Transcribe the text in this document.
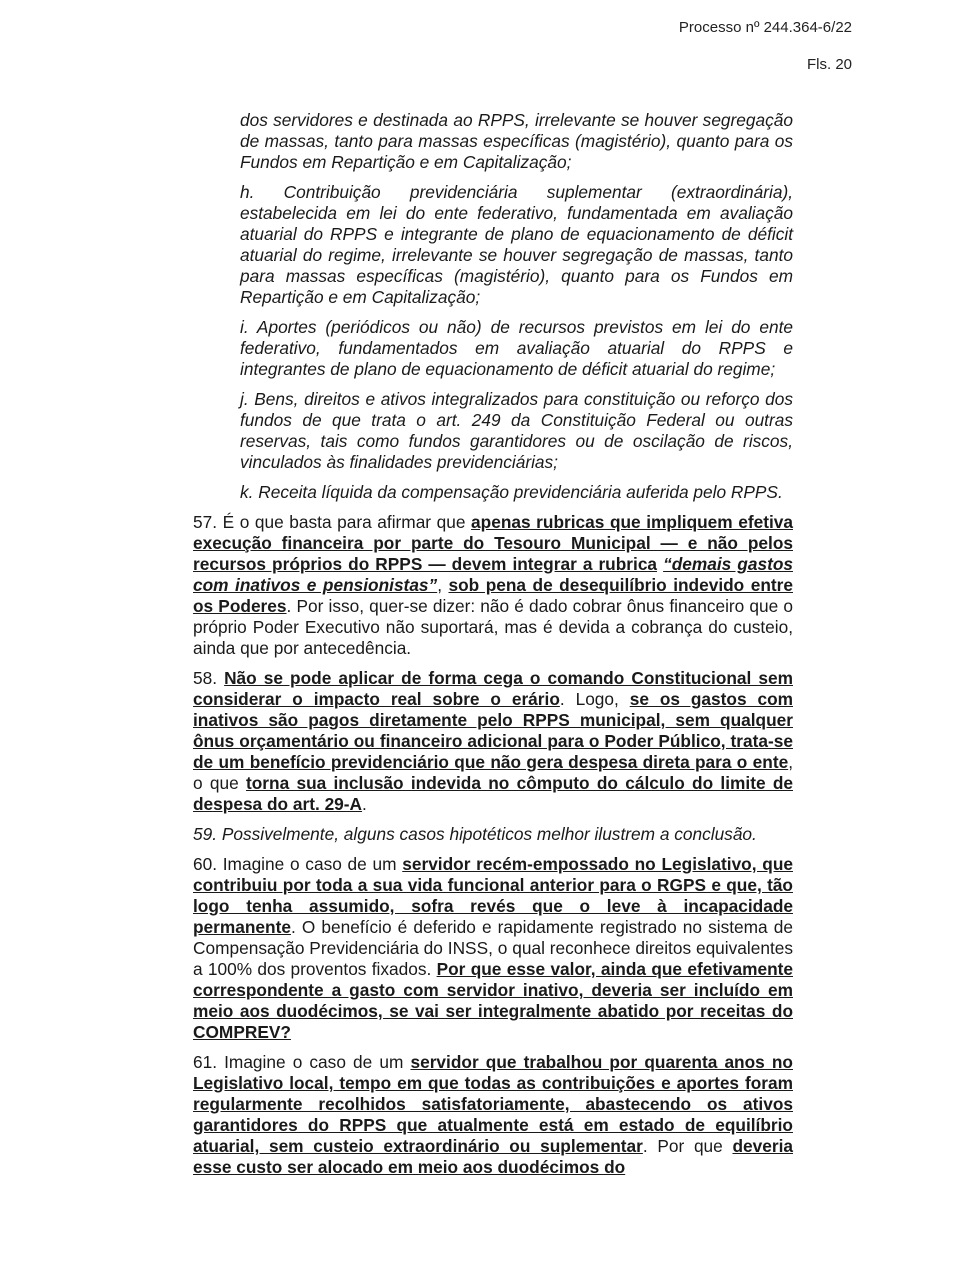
Processo nº 244.364-6/22
Fls. 20

dos servidores e destinada ao RPPS, irrelevante se houver segregação de massas, tanto para massas específicas (magistério), quanto para os Fundos em Repartição e em Capitalização;

h. Contribuição previdenciária suplementar (extraordinária), estabelecida em lei do ente federativo, fundamentada em avaliação atuarial do RPPS e integrante de plano de equacionamento de déficit atuarial do regime, irrelevante se houver segregação de massas, tanto para massas específicas (magistério), quanto para os Fundos em Repartição e em Capitalização;

i. Aportes (periódicos ou não) de recursos previstos em lei do ente federativo, fundamentados em avaliação atuarial do RPPS e integrantes de plano de equacionamento de déficit atuarial do regime;

j. Bens, direitos e ativos integralizados para constituição ou reforço dos fundos de que trata o art. 249 da Constituição Federal ou outras reservas, tais como fundos garantidores ou de oscilação de riscos, vinculados às finalidades previdenciárias;

k. Receita líquida da compensação previdenciária auferida pelo RPPS.

57. É o que basta para afirmar que apenas rubricas que impliquem efetiva execução financeira por parte do Tesouro Municipal — e não pelos recursos próprios do RPPS — devem integrar a rubrica “demais gastos com inativos e pensionistas”, sob pena de desequilíbrio indevido entre os Poderes. Por isso, quer-se dizer: não é dado cobrar ônus financeiro que o próprio Poder Executivo não suportará, mas é devida a cobrança do custeio, ainda que por antecedência.

58. Não se pode aplicar de forma cega o comando Constitucional sem considerar o impacto real sobre o erário. Logo, se os gastos com inativos são pagos diretamente pelo RPPS municipal, sem qualquer ônus orçamentário ou financeiro adicional para o Poder Público, trata-se de um benefício previdenciário que não gera despesa direta para o ente, o que torna sua inclusão indevida no cômputo do cálculo do limite de despesa do art. 29-A.

59. Possivelmente, alguns casos hipotéticos melhor ilustrem a conclusão.

60. Imagine o caso de um servidor recém-empossado no Legislativo, que contribuiu por toda a sua vida funcional anterior para o RGPS e que, tão logo tenha assumido, sofra revés que o leve à incapacidade permanente. O benefício é deferido e rapidamente registrado no sistema de Compensação Previdenciária do INSS, o qual reconhece direitos equivalentes a 100% dos proventos fixados. Por que esse valor, ainda que efetivamente correspondente a gasto com servidor inativo, deveria ser incluído em meio aos duodécimos, se vai ser integralmente abatido por receitas do COMPREV?

61. Imagine o caso de um servidor que trabalhou por quarenta anos no Legislativo local, tempo em que todas as contribuições e aportes foram regularmente recolhidos satisfatoriamente, abastecendo os ativos garantidores do RPPS que atualmente está em estado de equilíbrio atuarial, sem custeio extraordinário ou suplementar. Por que deveria esse custo ser alocado em meio aos duodécimos do
